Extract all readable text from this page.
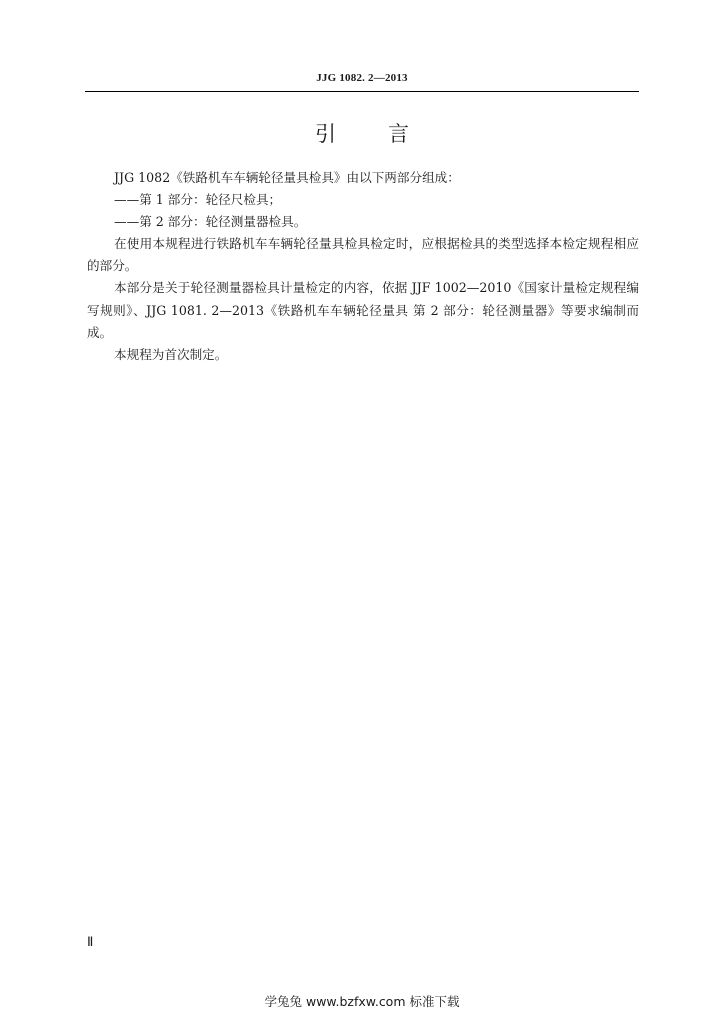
JJG 1082. 2—2013
引 言

JJG 1082《铁路机车车辆轮径量具检具》由以下两部分组成：

——第 1 部分：轮径尺检具；

——第 2 部分：轮径测量器检具。

在使用本规程进行铁路机车车辆轮径量具检具检定时，应根据检具的类型选择本检定规程相应的部分。

本部分是关于轮径测量器检具计量检定的内容，依据 JJF 1002—2010《国家计量检定规程编写规则》、JJG 1081. 2—2013《铁路机车车辆轮径量具 第 2 部分：轮径测量器》等要求编制而成。

本规程为首次制定。

Ⅱ
学兔兔 www.bzfxw.com 标准下载
